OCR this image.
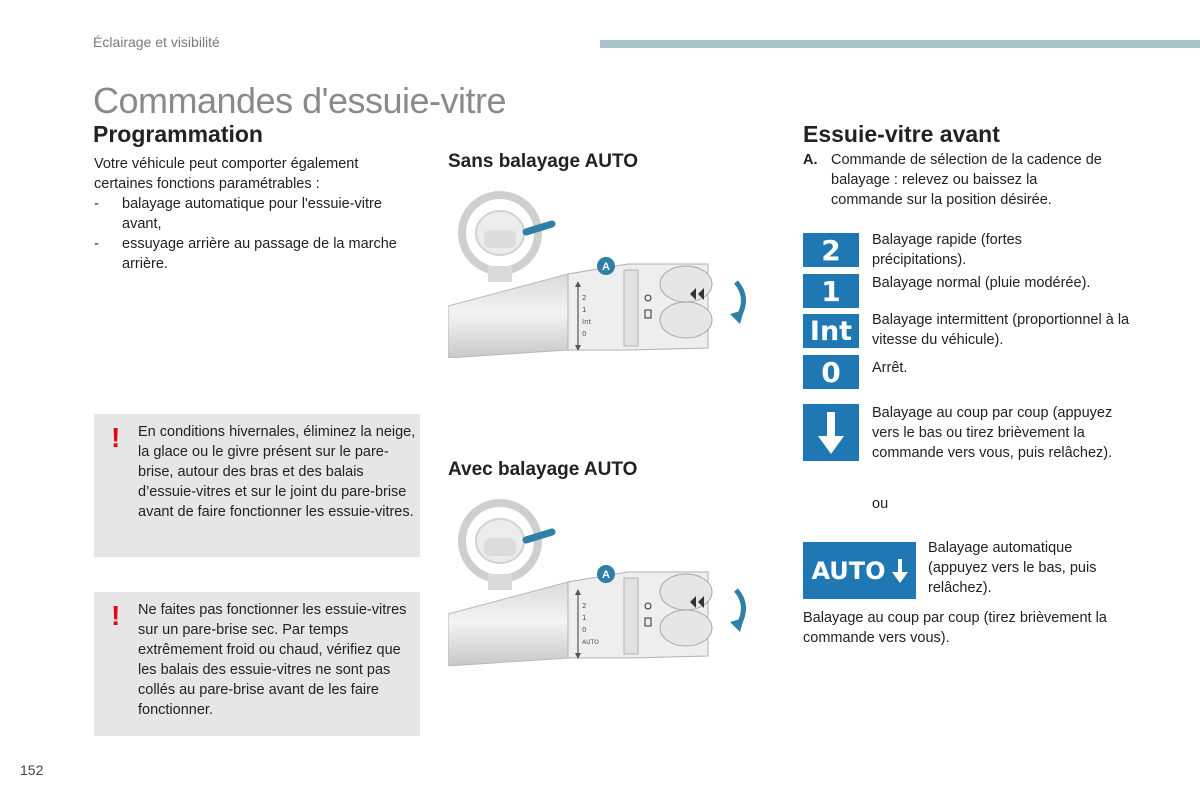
Éclairage et visibilité
Commandes d'essuie-vitre
Programmation
Votre véhicule peut comporter également certaines fonctions paramétrables :
- balayage automatique pour l'essuie-vitre avant,
- essuyage arrière au passage de la marche arrière.
! En conditions hivernales, éliminez la neige, la glace ou le givre présent sur le pare-brise, autour des bras et des balais d’essuie-vitres et sur le joint du pare-brise avant de faire fonctionner les essuie-vitres.
! Ne faites pas fonctionner les essuie-vitres sur un pare-brise sec. Par temps extrêmement froid ou chaud, vérifiez que les balais des essuie-vitres ne sont pas collés au pare-brise avant de les faire fonctionner.
Sans balayage AUTO
2
1
Int
0
A
Avec balayage AUTO
2
1
0
AUTO
A
Essuie-vitre avant
A. Commande de sélection de la cadence de balayage : relevez ou baissez la commande sur la position désirée.
2	Balayage rapide (fortes précipitations).
1	Balayage normal (pluie modérée).
Int	Balayage intermittent (proportionnel à la vitesse du véhicule).
0	Arrêt.
Balayage au coup par coup (appuyez vers le bas ou tirez brièvement la commande vers vous, puis relâchez).
ou
AUTO
Balayage automatique (appuyez vers le bas, puis relâchez).
Balayage au coup par coup (tirez brièvement la commande vers vous).
152
